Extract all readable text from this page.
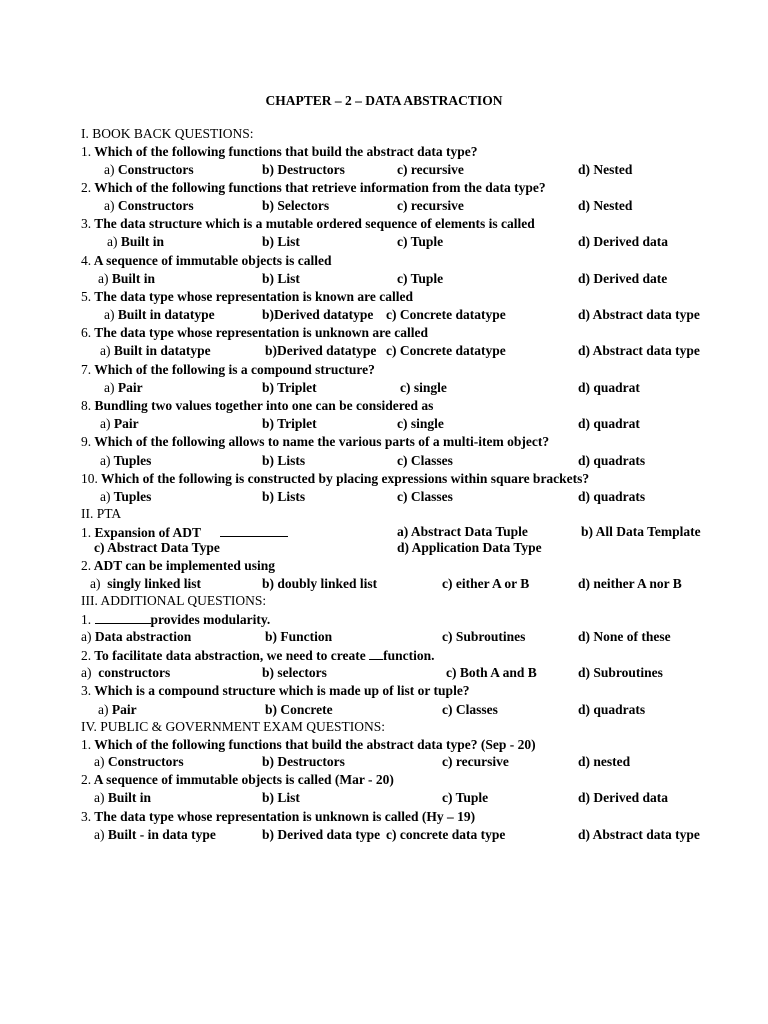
CHAPTER – 2 – DATA ABSTRACTION
I. BOOK BACK QUESTIONS:
1. Which of the following functions that build the abstract data type?
a) Constructors	b) Destructors	c) recursive	d) Nested
2. Which of the following functions that retrieve information from the data type?
a) Constructors	b) Selectors	c) recursive	d) Nested
3. The data structure which is a mutable ordered sequence of elements is called
a) Built in	b) List	c) Tuple	d) Derived data
4. A sequence of immutable objects is called
a) Built in	b) List	c) Tuple	d) Derived date
5. The data type whose representation is known are called
a) Built in datatype	b)Derived datatype c) Concrete datatype	d) Abstract data type
6. The data type whose representation is unknown are called
a) Built in datatype	b)Derived datatype c) Concrete datatype	d) Abstract data type
7. Which of the following is a compound structure?
a) Pair	b) Triplet	c) single	d) quadrat
8. Bundling two values together into one can be considered as
a) Pair	b) Triplet	c) single	d) quadrat
9. Which of the following allows to name the various parts of a multi-item object?
a) Tuples	b) Lists	c) Classes	d) quadrats
10. Which of the following is constructed by placing expressions within square brackets?
a) Tuples	b) Lists	c) Classes	d) quadrats
II. PTA
1. Expansion of ADT	a) Abstract Data Tuple	b) All Data Template
c) Abstract Data Type	d) Application Data Type
2. ADT can be implemented using
a)  singly linked list	b) doubly linked list	c) either A or B	d) neither A nor B
III. ADDITIONAL QUESTIONS:
1.	provides modularity.
a) Data abstraction	b) Function	c) Subroutines	d) None of these
2. To facilitate data abstraction, we need to create function.
a)  constructors	b) selectors	c) Both A and B	d) Subroutines
3. Which is a compound structure which is made up of list or tuple?
a) Pair	b) Concrete	c) Classes	d) quadrats
IV. PUBLIC & GOVERNMENT EXAM QUESTIONS:
1. Which of the following functions that build the abstract data type? (Sep - 20)
a) Constructors	b) Destructors	c) recursive	d) nested
2. A sequence of immutable objects is called (Mar - 20)
a) Built in	b) List	c) Tuple	d) Derived data
3. The data type whose representation is unknown is called (Hy – 19)
a) Built - in data type	b) Derived data type c) concrete data type	d) Abstract data type
